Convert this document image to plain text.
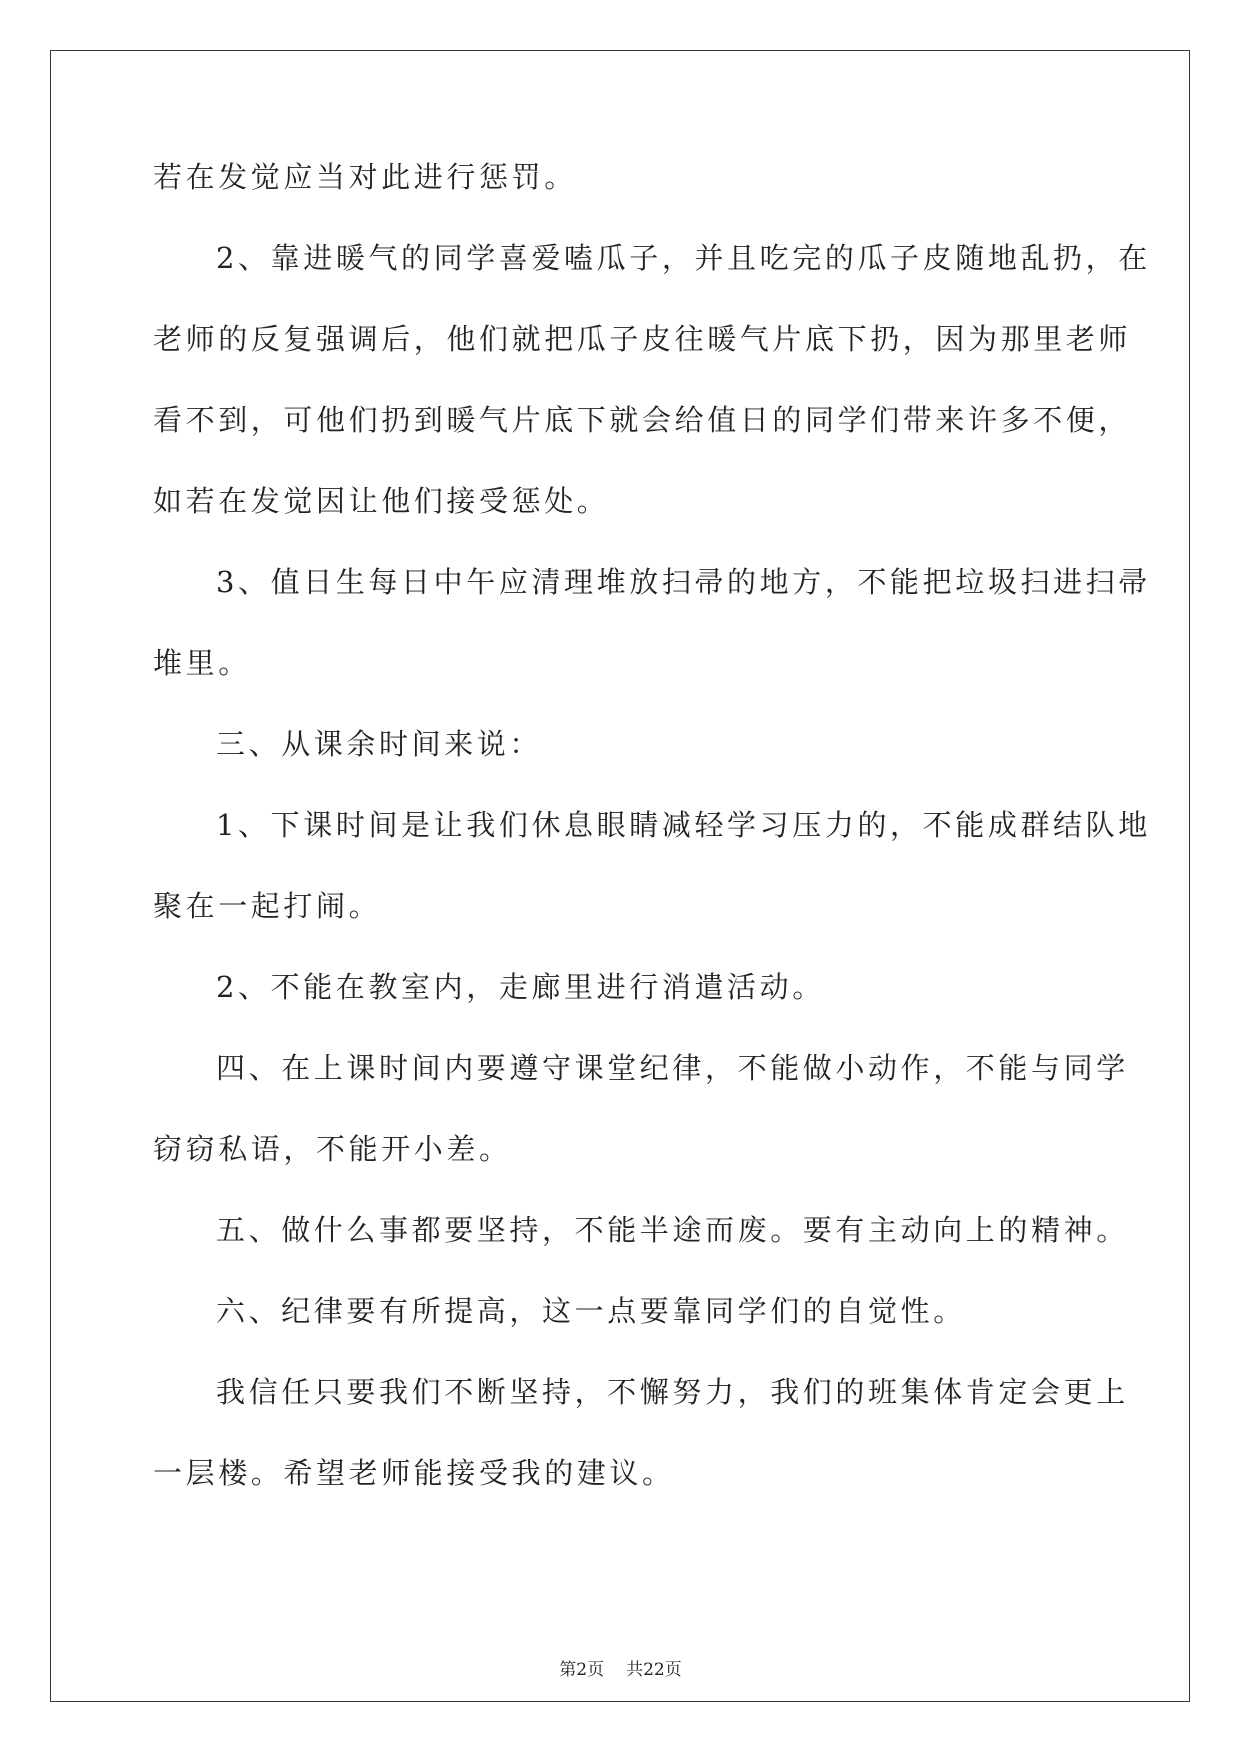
若在发觉应当对此进行惩罚。
2、靠进暖气的同学喜爱嗑瓜子，并且吃完的瓜子皮随地乱扔，在
老师的反复强调后，他们就把瓜子皮往暖气片底下扔，因为那里老师
看不到，可他们扔到暖气片底下就会给值日的同学们带来许多不便，
如若在发觉因让他们接受惩处。
3、值日生每日中午应清理堆放扫帚的地方，不能把垃圾扫进扫帚
堆里。
三、从课余时间来说：
1、下课时间是让我们休息眼睛减轻学习压力的，不能成群结队地
聚在一起打闹。
2、不能在教室内，走廊里进行消遣活动。
四、在上课时间内要遵守课堂纪律，不能做小动作，不能与同学
窃窃私语，不能开小差。
五、做什么事都要坚持，不能半途而废。要有主动向上的精神。
六、纪律要有所提高，这一点要靠同学们的自觉性。
我信任只要我们不断坚持，不懈努力，我们的班集体肯定会更上
一层楼。希望老师能接受我的建议。
第2页 共22页
